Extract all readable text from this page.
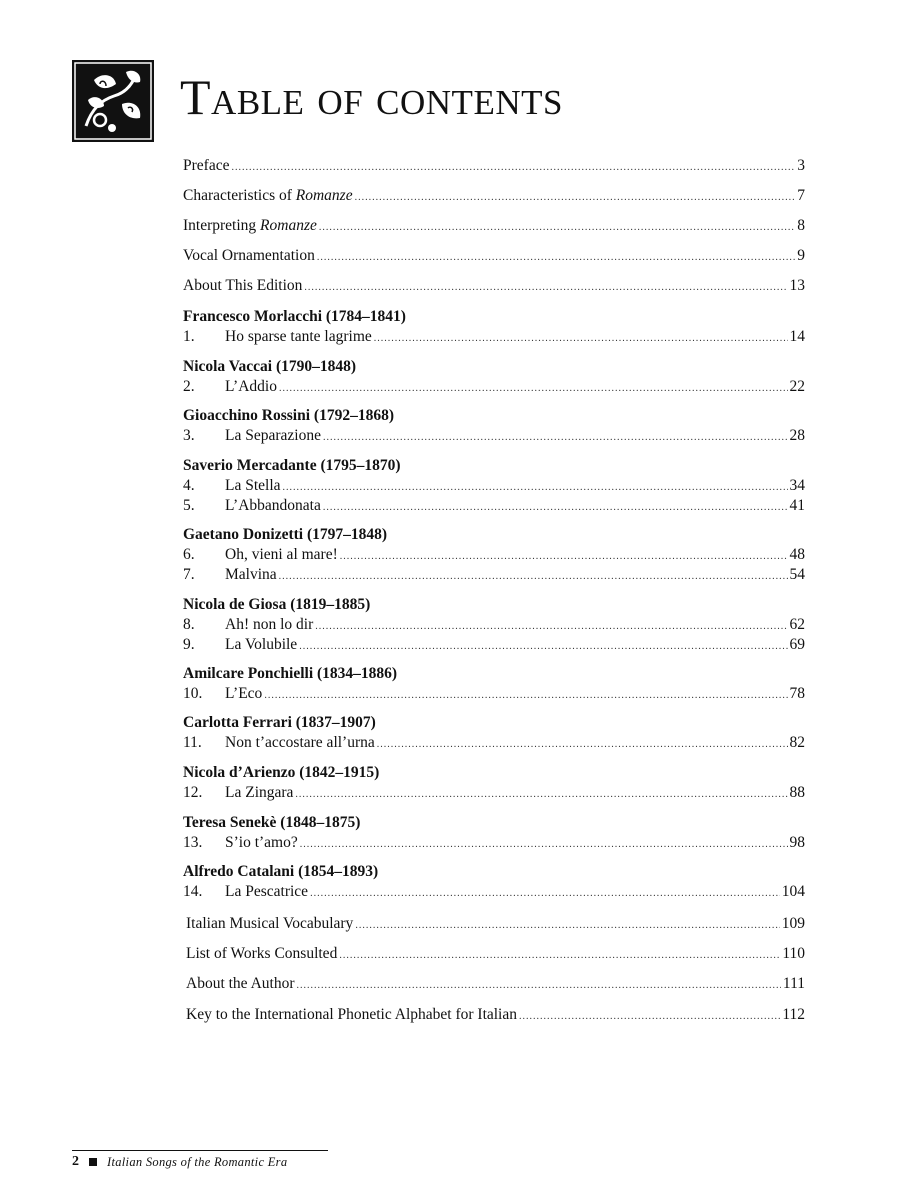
Table of contents
Preface .....	3
Characteristics of Romanze .....	7
Interpreting Romanze .....	8
Vocal Ornamentation .....	9
About This Edition .....	13
Francesco Morlacchi (1784–1841)
1. Ho sparse tante lagrime .....	14
Nicola Vaccai (1790–1848)
2. L’Addio .....	22
Gioacchino Rossini (1792–1868)
3. La Separazione .....	28
Saverio Mercadante (1795–1870)
4. La Stella .....	34
5. L’Abbandonata .....	41
Gaetano Donizetti (1797–1848)
6. Oh, vieni al mare! .....	48
7. Malvina .....	54
Nicola de Giosa (1819–1885)
8. Ah! non lo dir .....	62
9. La Volubile .....	69
Amilcare Ponchielli (1834–1886)
10. L’Eco .....	78
Carlotta Ferrari (1837–1907)
11. Non t’accostare all’urna .....	82
Nicola d’Arienzo (1842–1915)
12. La Zingara .....	88
Teresa Senekè (1848–1875)
13. S’io t’amo? .....	98
Alfredo Catalani (1854–1893)
14. La Pescatrice .....	104
Italian Musical Vocabulary .....	109
List of Works Consulted .....	110
About the Author .....	111
Key to the International Phonetic Alphabet for Italian .....	112
2 Italian Songs of the Romantic Era
